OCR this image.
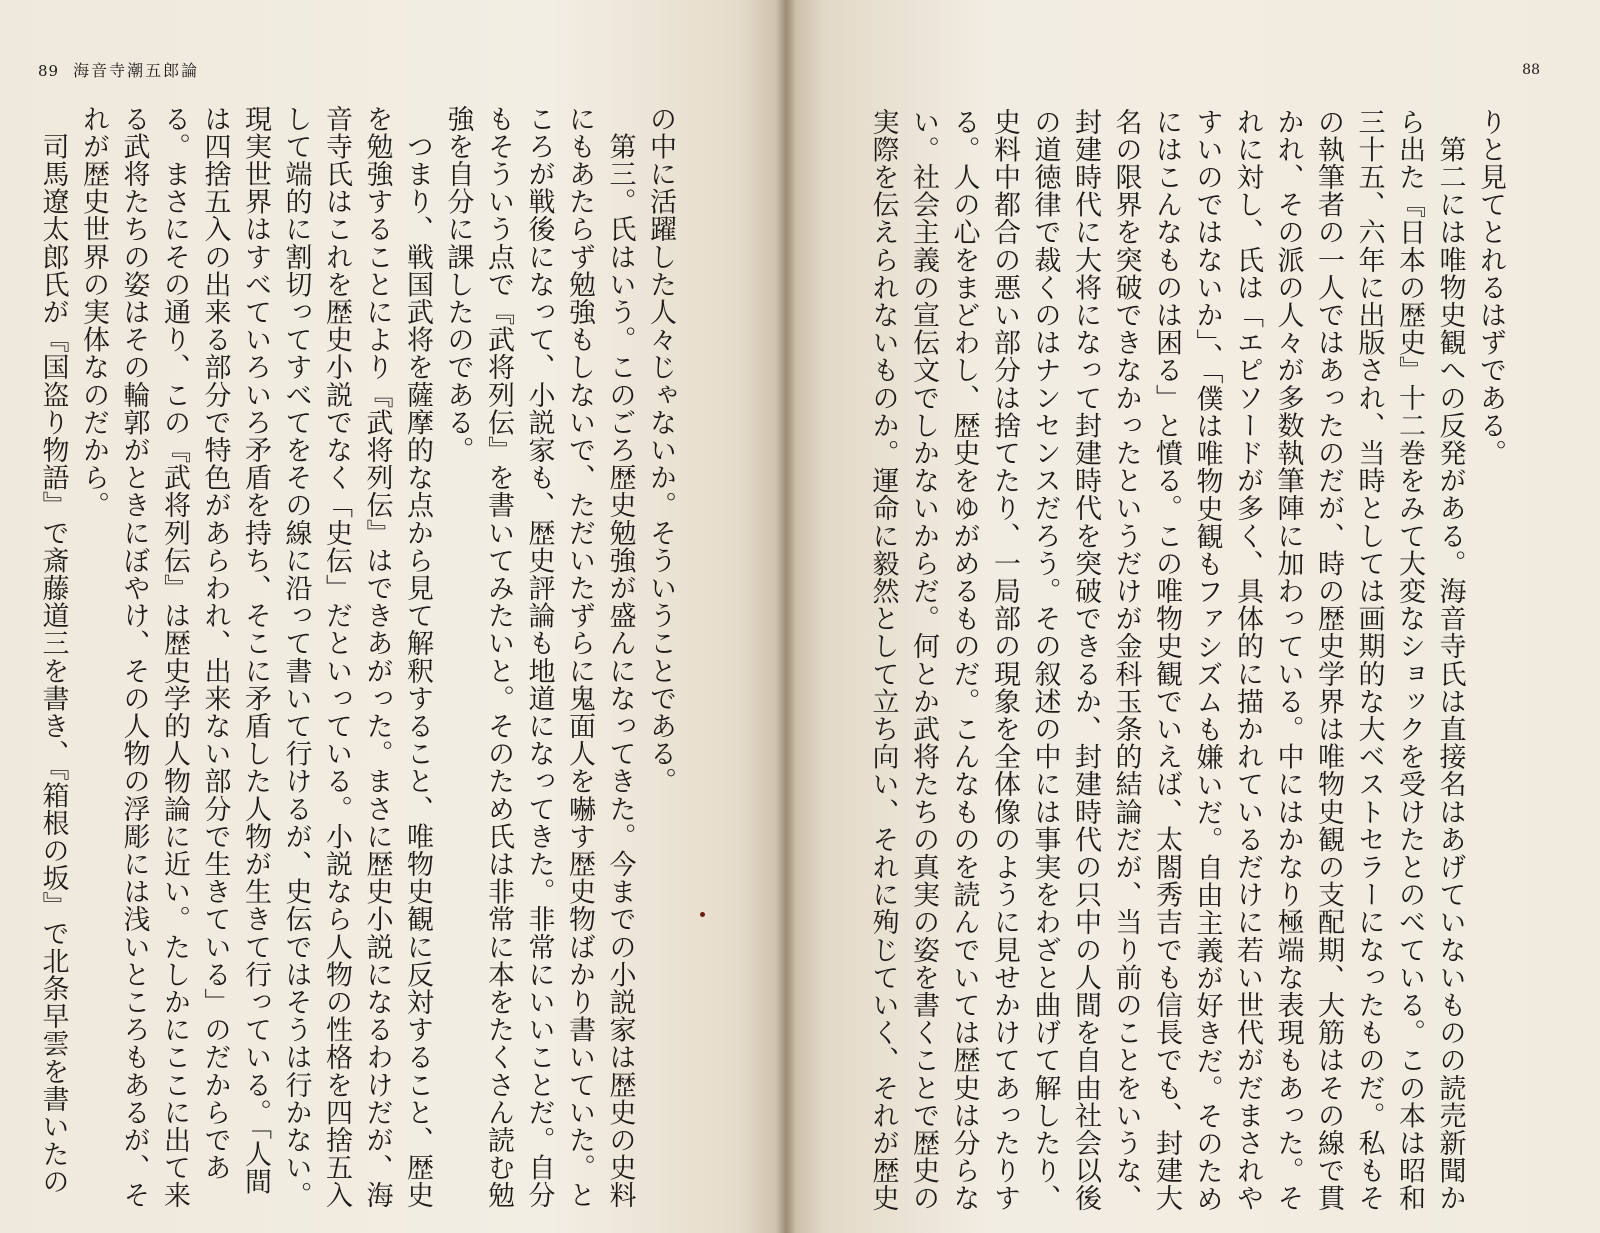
89 海音寺潮五郎論

の中に活躍した人々じゃないか。そういうことである。
　第三。氏はいう。このごろ歴史勉強が盛んになってきた。今までの小説家は歴史の史料
にもあたらず勉強もしないで、ただいたずらに鬼面人を嚇す歴史物ばかり書いていた。と
ころが戦後になって、小説家も、歴史評論も地道になってきた。非常にいいことだ。自分
もそういう点で『武将列伝』を書いてみたいと。そのため氏は非常に本をたくさん読む勉
強を自分に課したのである。
　つまり、戦国武将を薩摩的な点から見て解釈すること、唯物史観に反対すること、歴史
を勉強することにより『武将列伝』はできあがった。まさに歴史小説になるわけだが、海
音寺氏はこれを歴史小説でなく「史伝」だといっている。小説なら人物の性格を四捨五入
して端的に割切ってすべてをその線に沿って書いて行けるが、史伝ではそうは行かない。
現実世界はすべていろいろ矛盾を持ち、そこに矛盾した人物が生きて行っている。「人間
は四捨五入の出来る部分で特色があらわれ、出来ない部分で生きている」のだからであ
る。まさにその通り、この『武将列伝』は歴史学的人物論に近い。たしかにここに出て来
る武将たちの姿はその輪郭がときにぼやけ、その人物の浮彫には浅いところもあるが、そ
れが歴史世界の実体なのだから。
　司馬遼太郎氏が『国盗り物語』で斎藤道三を書き、『箱根の坂』で北条早雲を書いたの

88

りと見てとれるはずである。
　第二には唯物史観への反発がある。海音寺氏は直接名はあげていないものの読売新聞か
ら出た『日本の歴史』十二巻をみて大変なショックを受けたとのべている。この本は昭和
三十五、六年に出版され、当時としては画期的な大ベストセラーになったものだ。私もそ
の執筆者の一人ではあったのだが、時の歴史学界は唯物史観の支配期、大筋はその線で貫
かれ、その派の人々が多数執筆陣に加わっている。中にはかなり極端な表現もあった。そ
れに対し、氏は「エピソードが多く、具体的に描かれているだけに若い世代がだまされや
すいのではないか」、「僕は唯物史観もファシズムも嫌いだ。自由主義が好きだ。そのため
にはこんなものは困る」と憤る。この唯物史観でいえば、太閤秀吉でも信長でも、封建大
名の限界を突破できなかったというだけが金科玉条的結論だが、当り前のことをいうな、
封建時代に大将になって封建時代を突破できるか、封建時代の只中の人間を自由社会以後
の道徳律で裁くのはナンセンスだろう。その叙述の中には事実をわざと曲げて解したり、
史料中都合の悪い部分は捨てたり、一局部の現象を全体像のように見せかけてあったりす
る。人の心をまどわし、歴史をゆがめるものだ。こんなものを読んでいては歴史は分らな
い。社会主義の宣伝文でしかないからだ。何とか武将たちの真実の姿を書くことで歴史の
実際を伝えられないものか。運命に毅然として立ち向い、それに殉じていく、それが歴史
